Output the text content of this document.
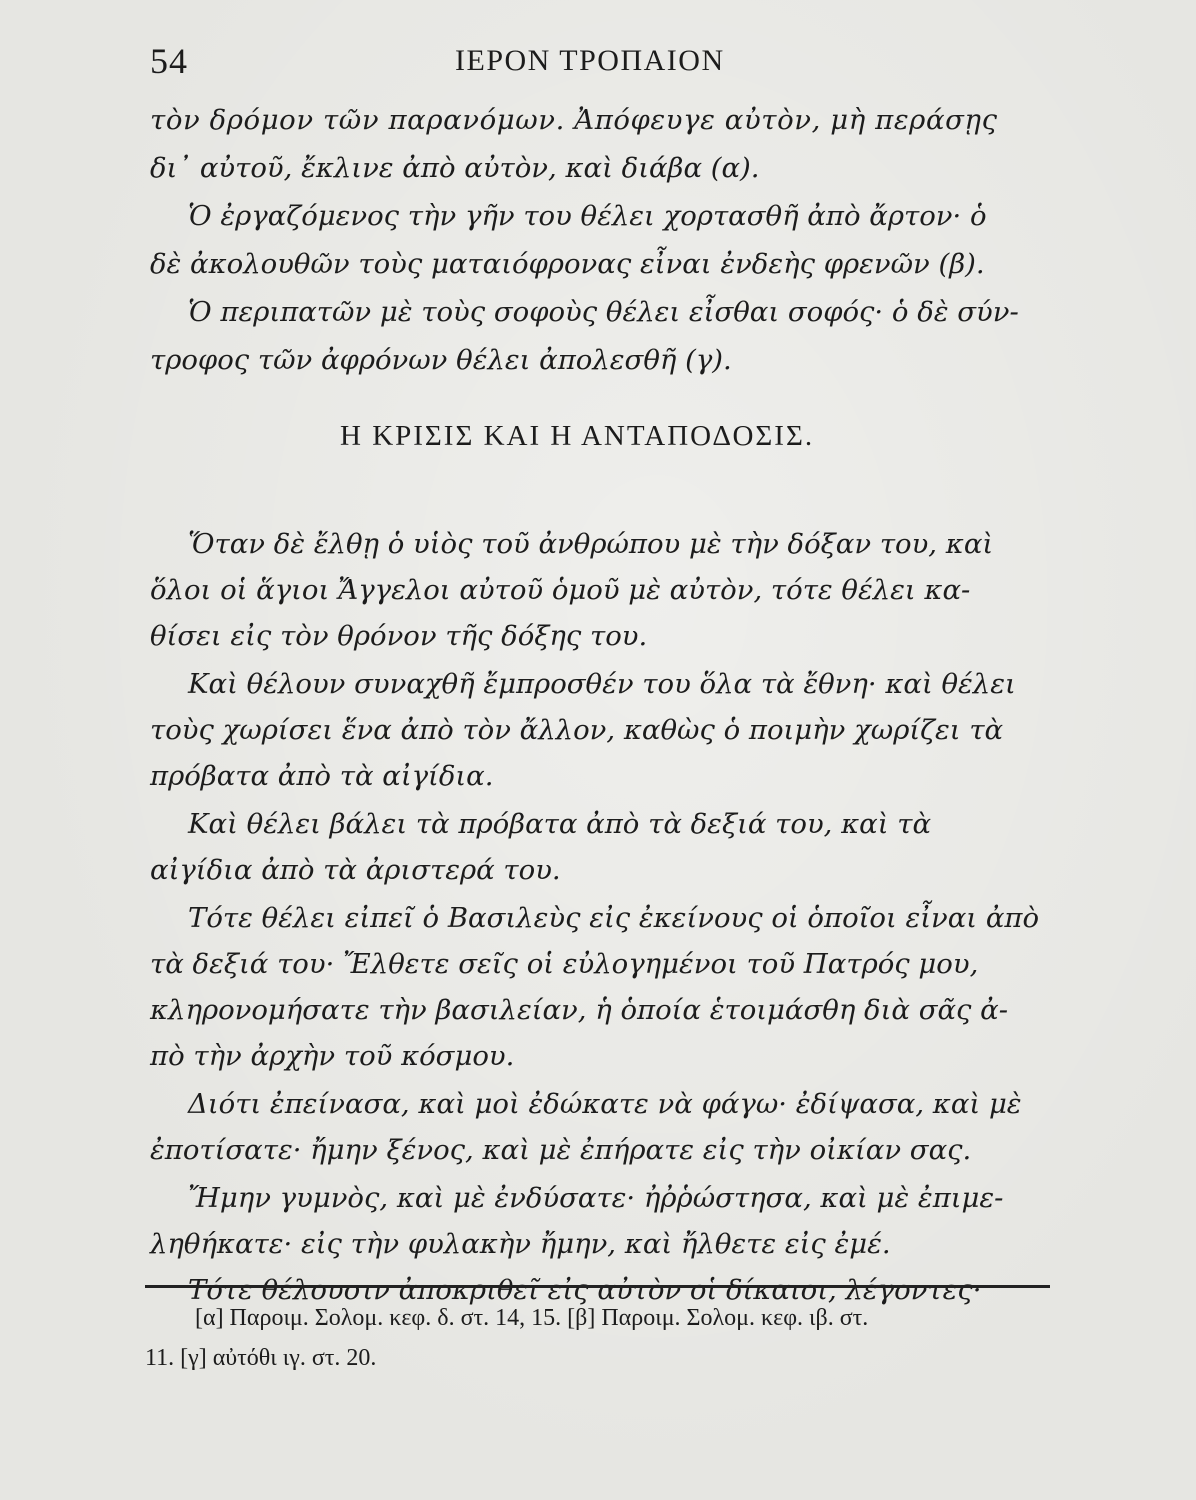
54	ΙΕΡΟΝ ΤΡΟΠΑΙΟΝ
τὸν δρόμον τῶν παρανόμων. Ἀπόφευγε αὐτὸν, μὴ περάσῃς
δι᾽ αὐτοῦ, ἔκλινε ἀπὸ αὐτὸν, καὶ διάβα (α).
Ὁ ἐργαζόμενος τὴν γῆν του θέλει χορτασθῆ ἀπὸ ἄρτον· ὁ
δὲ ἀκολουθῶν τοὺς ματαιόφρονας εἶναι ἐνδεὴς φρενῶν (β).
Ὁ περιπατῶν μὲ τοὺς σοφοὺς θέλει εἶσθαι σοφός· ὁ δὲ σύν-
τροφος τῶν ἀφρόνων θέλει ἀπολεσθῆ (γ).
Η ΚΡΙΣΙΣ ΚΑΙ Η ΑΝΤΑΠΟΔΟΣΙΣ.
Ὅταν δὲ ἔλθῃ ὁ υἱὸς τοῦ ἀνθρώπου μὲ τὴν δόξαν του, καὶ
ὅλοι οἱ ἅγιοι Ἄγγελοι αὐτοῦ ὁμοῦ μὲ αὐτὸν, τότε θέλει κα-
θίσει εἰς τὸν θρόνον τῆς δόξης του.
Καὶ θέλουν συναχθῆ ἔμπροσθέν του ὅλα τὰ ἔθνη· καὶ θέλει
τοὺς χωρίσει ἕνα ἀπὸ τὸν ἄλλον, καθὼς ὁ ποιμὴν χωρίζει τὰ
πρόβατα ἀπὸ τὰ αἰγίδια.
Καὶ θέλει βάλει τὰ πρόβατα ἀπὸ τὰ δεξιά του, καὶ τὰ
αἰγίδια ἀπὸ τὰ ἀριστερά του.
Τότε θέλει εἰπεῖ ὁ Βασιλεὺς εἰς ἐκείνους οἱ ὁποῖοι εἶναι ἀπὸ
τὰ δεξιά του· Ἔλθετε σεῖς οἱ εὐλογημένοι τοῦ Πατρός μου,
κληρονομήσατε τὴν βασιλείαν, ἡ ὁποία ἑτοιμάσθη διὰ σᾶς ἀ-
πὸ τὴν ἀρχὴν τοῦ κόσμου.
Διότι ἐπείνασα, καὶ μοὶ ἐδώκατε νὰ φάγω· ἐδίψασα, καὶ μὲ
ἐποτίσατε· ἤμην ξένος, καὶ μὲ ἐπήρατε εἰς τὴν οἰκίαν σας.
Ἤμην γυμνὸς, καὶ μὲ ἐνδύσατε· ἠῤῥώστησα, καὶ μὲ ἐπιμε-
ληθήκατε· εἰς τὴν φυλακὴν ἤμην, καὶ ἤλθετε εἰς ἐμέ.
Τότε θέλουσιν ἀποκριθεῖ εἰς αὐτὸν οἱ δίκαιοι, λέγοντες·
[α] Παροιμ. Σολομ. κεφ. δ. στ. 14, 15. [β] Παροιμ. Σολομ. κεφ. ιβ. στ.
11. [γ] αὐτόθι ιγ. στ. 20.
